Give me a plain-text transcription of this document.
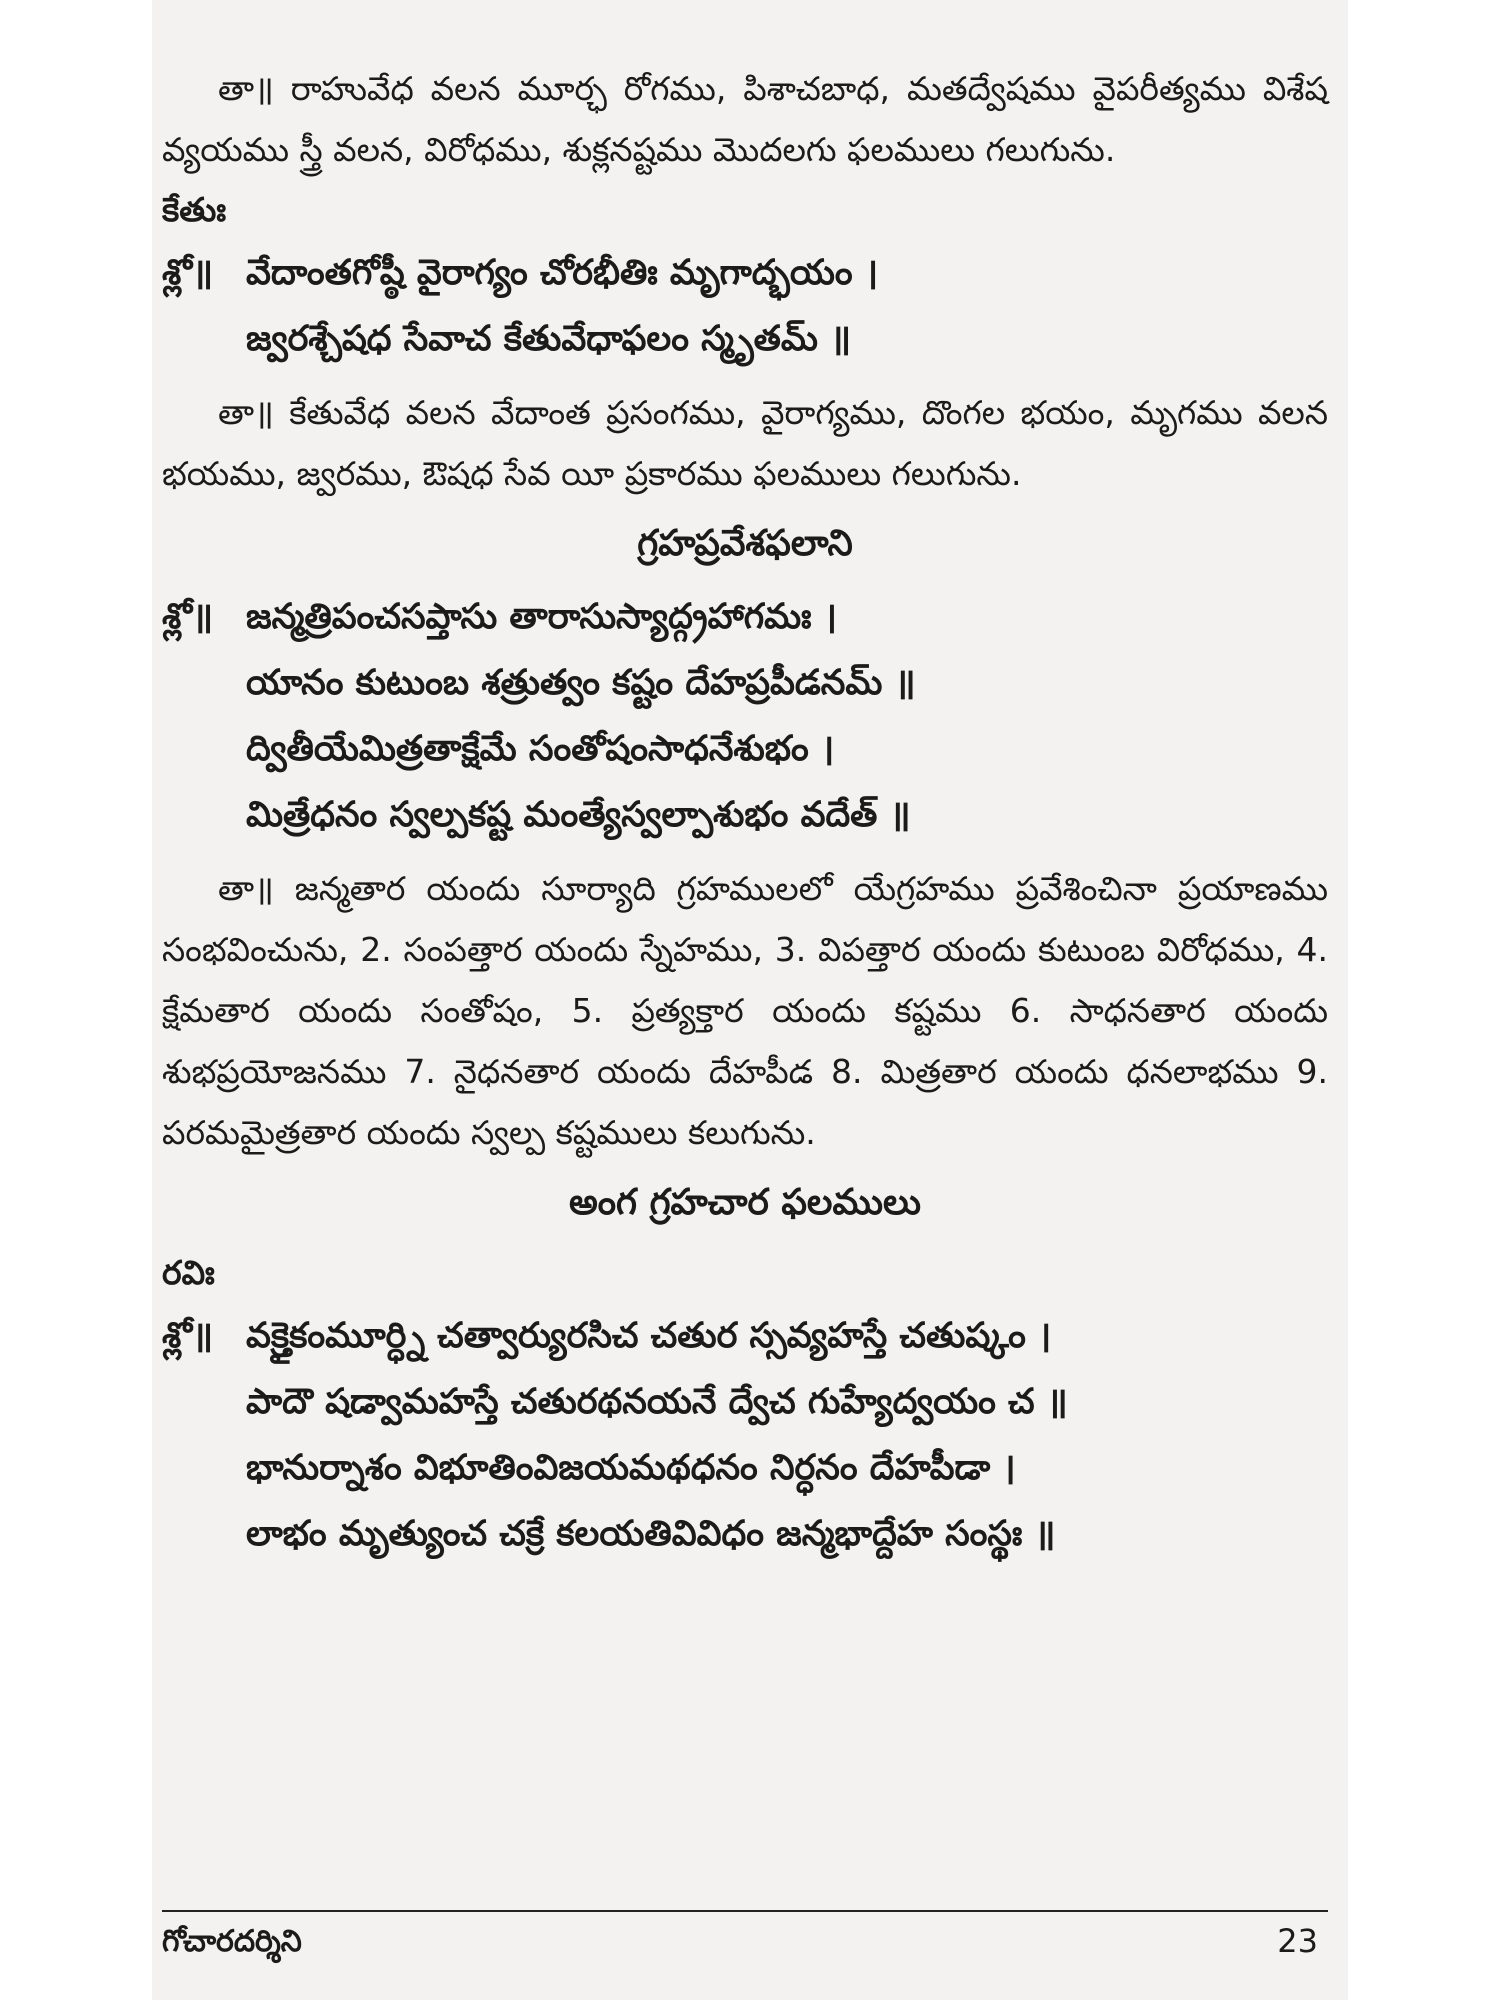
తా॥ రాహువేధ వలన మూర్ఛ రోగము, పిశాచబాధ, మతద్వేషము వైపరీత్యము విశేష వ్యయము స్త్రీ వలన, విరోధము, శుక్లనష్టము మొదలగు ఫలములు గలుగును.

కేతుః

శ్లో॥ వేదాంతగోష్ఠీ వైరాగ్యం చోరభీతిః మృగాద్భయం ।
జ్వరశ్చేషధ సేవాచ కేతువేధాఫలం స్మృతమ్ ॥

తా॥ కేతువేధ వలన వేదాంత ప్రసంగము, వైరాగ్యము, దొంగల భయం, మృగము వలన భయము, జ్వరము, ఔషధ సేవ యీ ప్రకారము ఫలములు గలుగును.

గ్రహప్రవేశఫలాని

శ్లో॥ జన్మత్రిపంచసప్తాసు తారాసుస్యాద్గ్రహాగమః ।
యానం కుటుంబ శత్రుత్వం కష్టం దేహప్రపీడనమ్ ॥
ద్వితీయేమిత్రతాక్షేమే సంతోషంసాధనేశుభం ।
మిత్రేధనం స్వల్పకష్ట మంత్యేస్వల్పాశుభం వదేత్ ॥

తా॥ జన్మతార యందు సూర్యాది గ్రహములలో యేగ్రహము ప్రవేశించినా ప్రయాణము సంభవించును, 2. సంపత్తార యందు స్నేహము, 3. విపత్తార యందు కుటుంబ విరోధము, 4. క్షేమతార యందు సంతోషం, 5. ప్రత్యక్తార యందు కష్టము 6. సాధనతార యందు శుభప్రయోజనము 7. నైధనతార యందు దేహపీడ 8. మిత్రతార యందు ధనలాభము 9. పరమమైత్రతార యందు స్వల్ప కష్టములు కలుగును.

అంగ గ్రహచార ఫలములు

రవిః

శ్లో॥ వక్త్రైకంమూర్ధ్ని చత్వార్యురసిచ చతుర స్సవ్యహస్తే చతుష్కం ।
పాదౌ షడ్వామహస్తే చతురథనయనే ద్వేచ గుహ్యేద్వయం చ ॥
భానుర్నాశం విభూతింవిజయమథధనం నిర్ధనం దేహపీడా ।
లాభం మృత్యుంచ చక్రే కలయతివివిధం జన్మభాద్దేహ సంస్థః ॥
గోచారదర్శిని	23
